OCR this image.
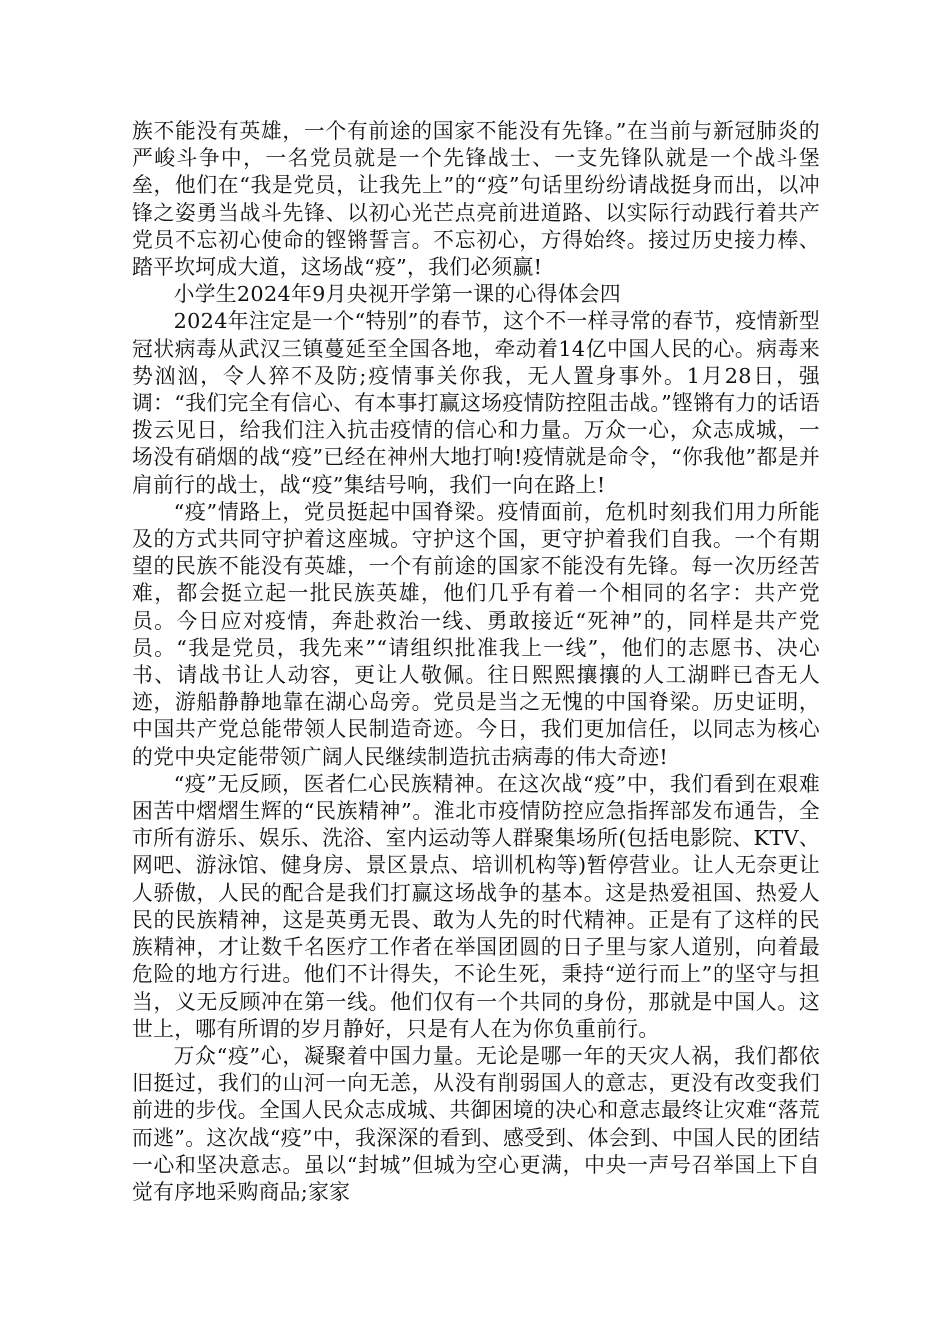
族不能没有英雄，一个有前途的国家不能没有先锋。”在当前与新冠肺炎的严峻斗争中，一名党员就是一个先锋战士、一支先锋队就是一个战斗堡垒，他们在“我是党员，让我先上”的“疫”句话里纷纷请战挺身而出，以冲锋之姿勇当战斗先锋、以初心光芒点亮前进道路、以实际行动践行着共产党员不忘初心使命的铿锵誓言。不忘初心，方得始终。接过历史接力棒、踏平坎坷成大道，这场战“疫”，我们必须赢!

小学生2024年9月央视开学第一课的心得体会四

2024年注定是一个“特别”的春节，这个不一样寻常的春节，疫情新型冠状病毒从武汉三镇蔓延至全国各地，牵动着14亿中国人民的心。病毒来势汹汹，令人猝不及防;疫情事关你我，无人置身事外。1月28日，强调：“我们完全有信心、有本事打赢这场疫情防控阻击战。”铿锵有力的话语拨云见日，给我们注入抗击疫情的信心和力量。万众一心，众志成城，一场没有硝烟的战“疫”已经在神州大地打响!疫情就是命令，“你我他”都是并肩前行的战士，战“疫”集结号响，我们一向在路上!

“疫”情路上，党员挺起中国脊梁。疫情面前，危机时刻我们用力所能及的方式共同守护着这座城。守护这个国，更守护着我们自我。一个有期望的民族不能没有英雄，一个有前途的国家不能没有先锋。每一次历经苦难，都会挺立起一批民族英雄，他们几乎有着一个相同的名字：共产党员。今日应对疫情，奔赴救治一线、勇敢接近“死神”的，同样是共产党员。“我是党员，我先来”“请组织批准我上一线”，他们的志愿书、决心书、请战书让人动容，更让人敬佩。往日熙熙攘攘的人工湖畔已杳无人迹，游船静静地靠在湖心岛旁。党员是当之无愧的中国脊梁。历史证明，中国共产党总能带领人民制造奇迹。今日，我们更加信任，以同志为核心的党中央定能带领广阔人民继续制造抗击病毒的伟大奇迹!

“疫”无反顾，医者仁心民族精神。在这次战“疫”中，我们看到在艰难困苦中熠熠生辉的“民族精神”。淮北市疫情防控应急指挥部发布通告，全市所有游乐、娱乐、洗浴、室内运动等人群聚集场所(包括电影院、KTV、网吧、游泳馆、健身房、景区景点、培训机构等)暂停营业。让人无奈更让人骄傲，人民的配合是我们打赢这场战争的基本。这是热爱祖国、热爱人民的民族精神，这是英勇无畏、敢为人先的时代精神。正是有了这样的民族精神，才让数千名医疗工作者在举国团圆的日子里与家人道别，向着最危险的地方行进。他们不计得失，不论生死，秉持“逆行而上”的坚守与担当，义无反顾冲在第一线。他们仅有一个共同的身份，那就是中国人。这世上，哪有所谓的岁月静好，只是有人在为你负重前行。

万众“疫”心，凝聚着中国力量。无论是哪一年的天灾人祸，我们都依旧挺过，我们的山河一向无恙，从没有削弱国人的意志，更没有改变我们前进的步伐。全国人民众志成城、共御困境的决心和意志最终让灾难“落荒而逃”。这次战“疫”中，我深深的看到、感受到、体会到、中国人民的团结一心和坚决意志。虽以“封城”但城为空心更满，中央一声号召举国上下自觉有序地采购商品;家家
